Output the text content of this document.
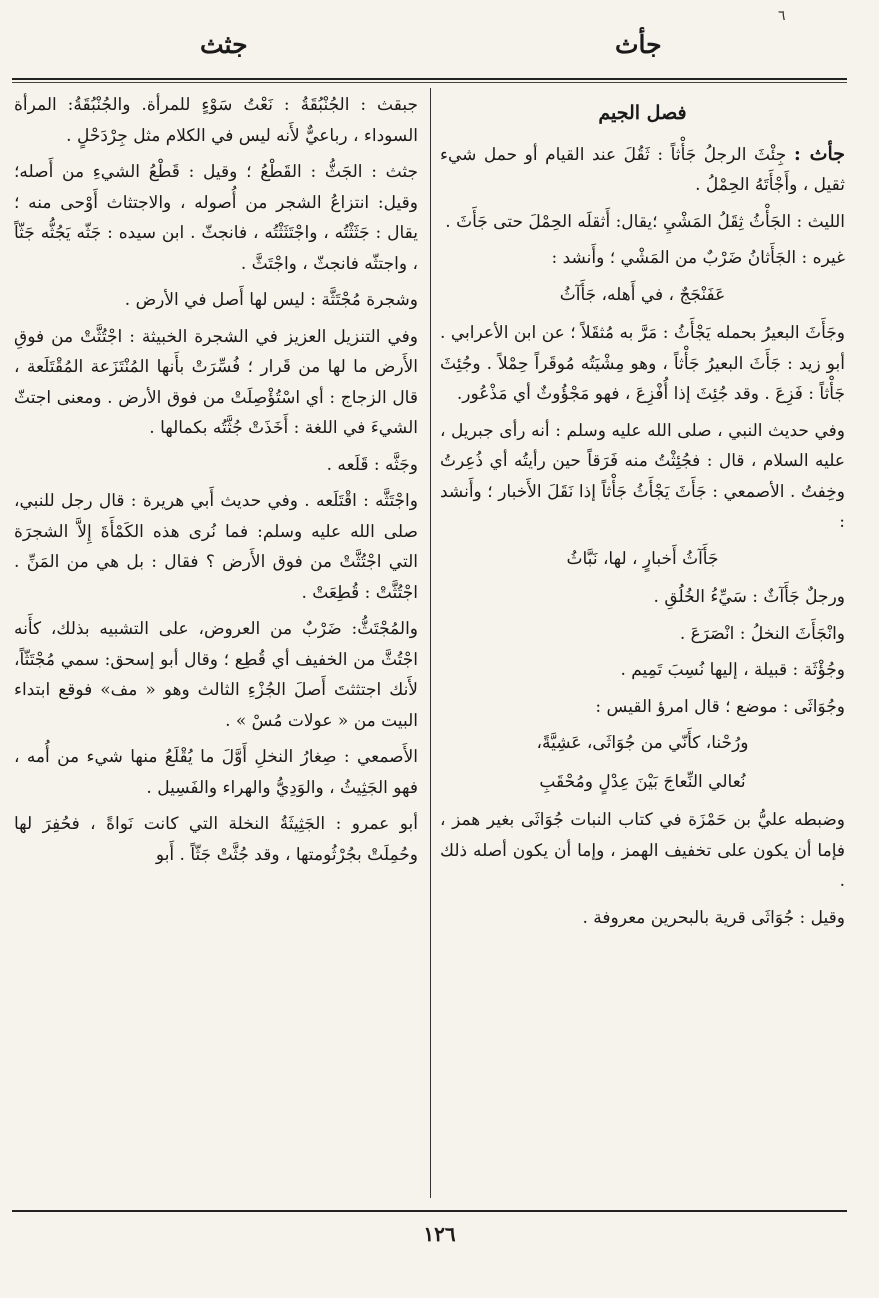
٦
جأث
جثث

فصل الجيم

جأث : جِئْثَ الرجلُ جَأْثاً : ثَقُلَ عند القيام أو حمل شيء ثقيل ، وأَجْأَتَهُ الحِمْلُ .

الليث : الجَأْثُ ثِقَلُ المَشْيِ ؛يقال: أَثقلَه الحِمْلَ حتى جَأَثَ .

غيره : الجَأَثانُ ضَرْبٌ من المَشْي ؛ وأَنشد :

عَفَنْجَجٌ ، في أَهله، جَأَآثُ

وجَأَثَ البعيرُ بحمله يَجْأَثُ : مَرَّ به مُثقَلاً ؛ عن ابن الأعرابي . أبو زيد : جَأَثَ البعيرُ جَأْثاً ، وهو مِشْيَتُه مُوقَراً حِمْلاً . وجُئِثَ جَأْثاً : فَزِعَ . وقد جُئِثَ إذا أُفْزِعَ ، فهو مَجْؤُوثٌ أي مَذْعُور.

وفي حديث النبي ، صلى الله عليه وسلم : أنه رأى جبريل ، عليه السلام ، قال : فجُئِثْتُ منه فَرَقاً حين رأيتُه أي ذُعِرتُ وخِفتُ . الأصمعي : جَأَثَ يَجْأَثُ جَأْثاً إذا نَقَلَ الأَخبار ؛ وأَنشد :

جَأَآثُ أَخبارٍ ، لها، نَبَّاثُ

ورجلٌ جَأَآثٌ : سَيِّءُ الخُلُقِ .

وانْجَأَثَ النخلُ : انْصَرَعَ .

وجُؤْثَة : قبيلة ، إليها نُسِبَ تَمِيم .

وجُوَاثَى : موضع ؛ قال امرؤ القيس :

ورُحْنا، كأَنّي من جُوَاثَى، عَشِيَّةً،

نُعالي النِّعاجَ بَيْنَ عِدْلٍ ومُحْقَبِ

وضبطه عليُّ بن حَمْزَة في كتاب النبات جُوَاثَى بغير همز ، فإما أن يكون على تخفيف الهمز ، وإما أن يكون أصله ذلك .

وقيل : جُوَاثَى قرية بالبحرين معروفة .

جبقث : الجُنْبُقَةُ : نَعْتُ سَوْءٍ للمرأة. والجُنْبُقَةُ: المرأة السوداء ، رباعيٌّ لأَنه ليس في الكلام مثل جِرْدَحْلٍ .

جثث : الجَثُّ : القَطْعُ ؛ وقيل : قَطْعُ الشيءِ من أَصله؛ وقيل: انتزاعُ الشجر من أُصوله ، والاجتثاث أَوْحى منه ؛ يقال : جَثَثْتُه ، واجْتَثَثْتُه ، فانجثّ . ابن سيده : جَثّه يَجُثُّه جَثّاً ، واجتثّه فانجثّ ، واجْتَثَّ .

وشجرة مُجْتَثَّة : ليس لها أَصل في الأرض .

وفي التنزيل العزيز في الشجرة الخبيثة : اجْتُثَّتْ من فوقِ الأَرض ما لها من قَرار ؛ فُسِّرَتْ بأَنها المُنْتَزَعة المُقْتَلَعة ، قال الزجاج : أي اسْتُؤْصِلَتْ من فوق الأرض . ومعنى اجتثّ الشيءَ في اللغة : أَخَذَتْ جُثَّتُه بكمالها .

وجَثَّه : قَلَعه .

واجْتَثَّه : اقْتَلَعه . وفي حديث أَبي هريرة : قال رجل للنبي، صلى الله عليه وسلم: فما نُرى هذه الكَمْأَةَ إِلاَّ الشجرَة التي اجْتُثَّتْ من فوق الأَرض ؟ فقال : بل هي من المَنِّ . اجْتُثَّتْ : قُطِعَتْ .

والمُجْتَثُّ: ضَرْبٌ من العروض، على التشبيه بذلك، كأَنه اجْتُثَّ من الخفيف أي قُطِع ؛ وقال أبو إسحق: سمي مُجْتَثّاً، لأَنك اجتثثتَ أَصلَ الجُزْءِ الثالث وهو « مف» فوقع ابتداء البيت من « عولات مُسْ » .

الأَصمعي : صِغارُ النخلِ أَوَّلَ ما يُقْلَعُ منها شيء من أُمه ، فهو الجَثِيثُ ، والوَدِيُّ والهراء والفَسِيل .

أبو عمرو : الجَثِيثَةُ النخلة التي كانت نَواةً ، فحُفِرَ لها وحُمِلَتْ بجُرْثُومتها ، وقد جُثَّتْ جَثّاً . أَبو

١٢٦
